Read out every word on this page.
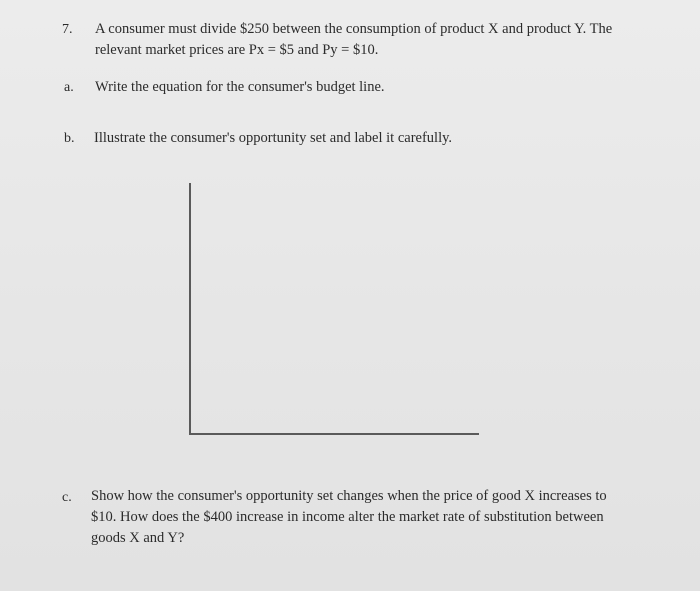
7. A consumer must divide $250 between the consumption of product X and product Y. The
relevant market prices are Px = $5 and Py = $10.
a. Write the equation for the consumer's budget line.
b. Illustrate the consumer's opportunity set and label it carefully.
c. Show how the consumer's opportunity set changes when the price of good X increases to
$10. How does the $400 increase in income alter the market rate of substitution between
goods X and Y?
